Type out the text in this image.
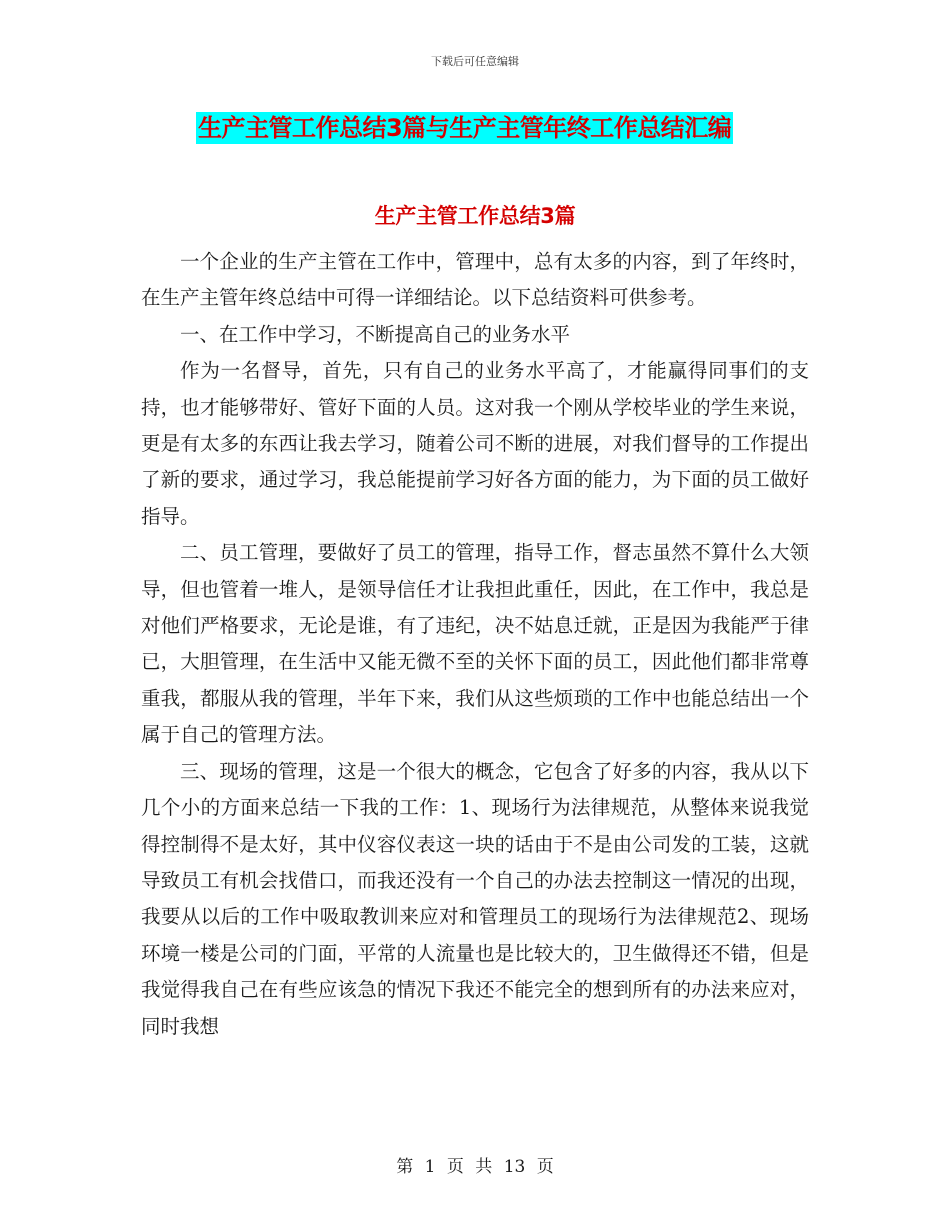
下载后可任意编辑
生产主管工作总结3篇与生产主管年终工作总结汇编
生产主管工作总结3篇

一个企业的生产主管在工作中，管理中，总有太多的内容，到了年终时，在生产主管年终总结中可得一详细结论。以下总结资料可供参考。

一、在工作中学习，不断提高自己的业务水平

作为一名督导，首先，只有自己的业务水平高了，才能赢得同事们的支持，也才能够带好、管好下面的人员。这对我一个刚从学校毕业的学生来说，更是有太多的东西让我去学习，随着公司不断的进展，对我们督导的工作提出了新的要求，通过学习，我总能提前学习好各方面的能力，为下面的员工做好指导。

二、员工管理，要做好了员工的管理，指导工作，督志虽然不算什么大领导，但也管着一堆人，是领导信任才让我担此重任，因此，在工作中，我总是对他们严格要求，无论是谁，有了违纪，决不姑息迁就，正是因为我能严于律已，大胆管理，在生活中又能无微不至的关怀下面的员工，因此他们都非常尊重我，都服从我的管理，半年下来，我们从这些烦琐的工作中也能总结出一个属于自己的管理方法。

三、现场的管理，这是一个很大的概念，它包含了好多的内容，我从以下几个小的方面来总结一下我的工作：1、现场行为法律规范，从整体来说我觉得控制得不是太好，其中仪容仪表这一块的话由于不是由公司发的工装，这就导致员工有机会找借口，而我还没有一个自己的办法去控制这一情况的出现，我要从以后的工作中吸取教训来应对和管理员工的现场行为法律规范2、现场环境一楼是公司的门面，平常的人流量也是比较大的，卫生做得还不错，但是我觉得我自己在有些应该急的情况下我还不能完全的想到所有的办法来应对，同时我想

第 1 页 共 13 页
